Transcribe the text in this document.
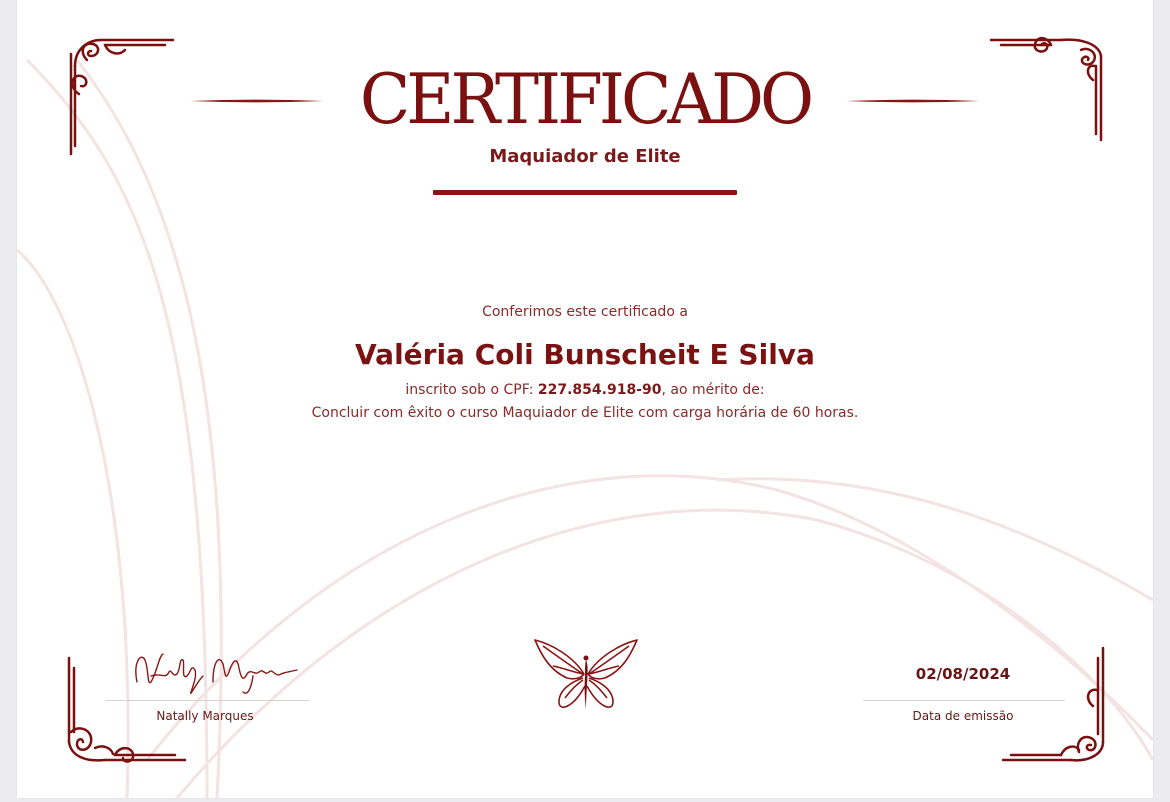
CERTIFICADO
Maquiador de Elite
Conferimos este certificado a
Valéria Coli Bunscheit E Silva
inscrito sob o CPF: 227.854.918-90, ao mérito de:
Concluir com êxito o curso Maquiador de Elite com carga horária de 60 horas.
Natally Marques
02/08/2024
Data de emissão
